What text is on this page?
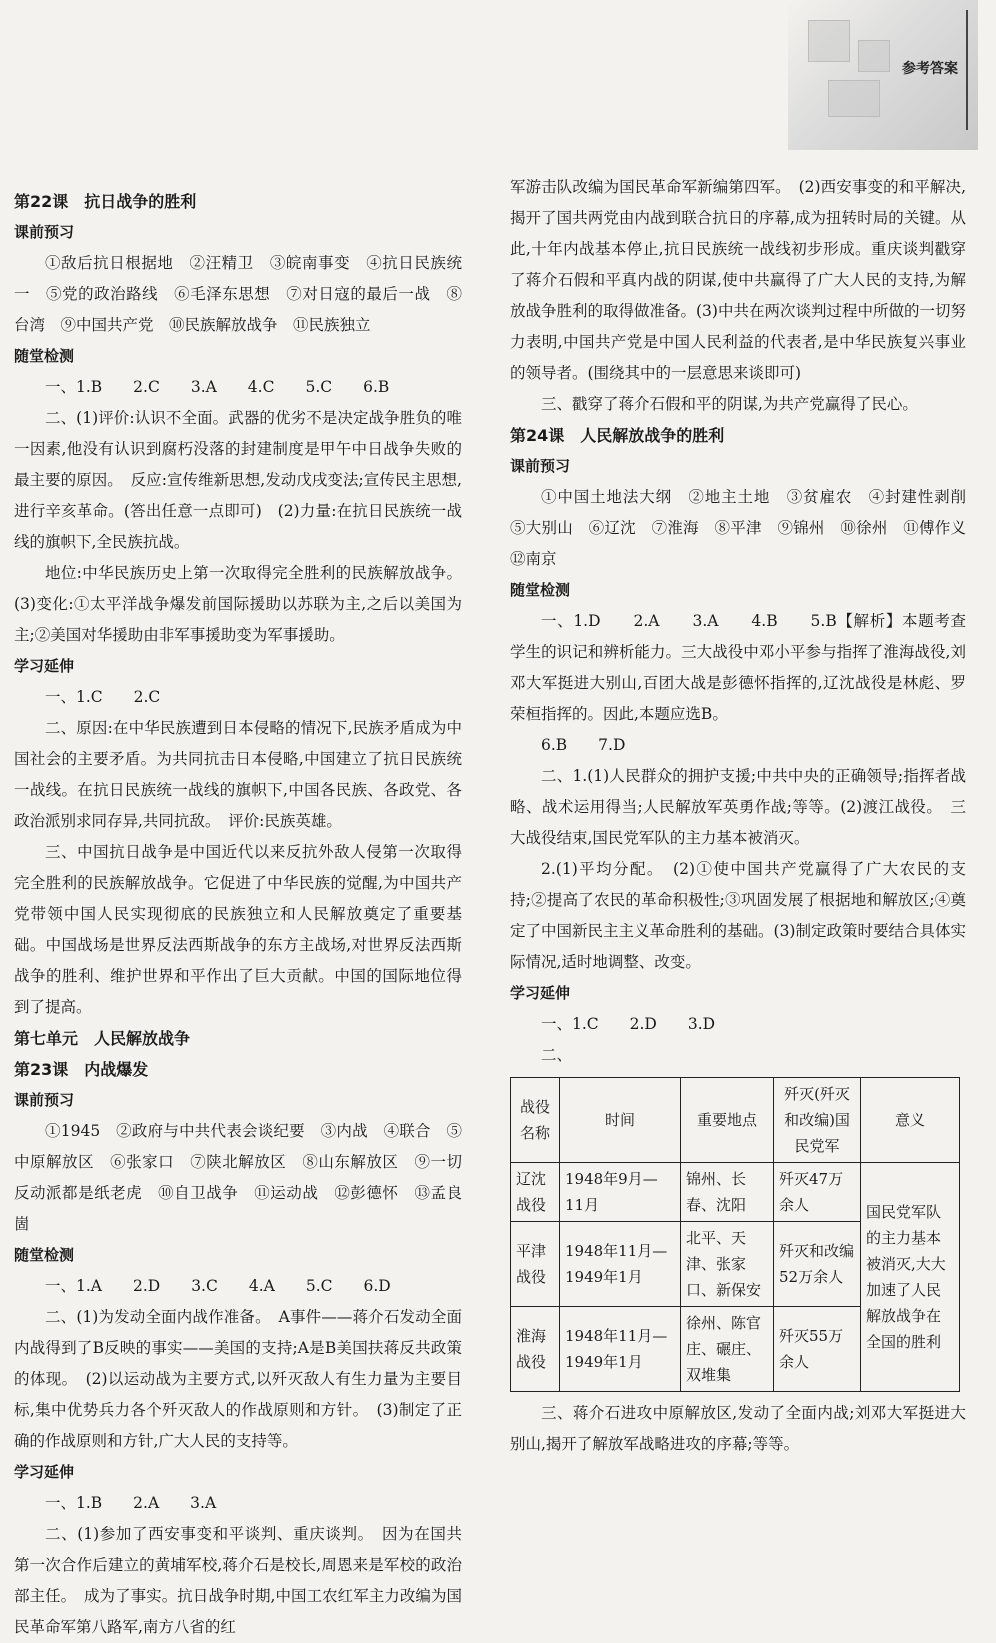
参考答案

第22课　抗日战争的胜利

课前预习

①敌后抗日根据地　②汪精卫　③皖南事变　④抗日民族统一　⑤党的政治路线　⑥毛泽东思想　⑦对日寇的最后一战　⑧台湾　⑨中国共产党　⑩民族解放战争　⑪民族独立

随堂检测

一、1.B　　2.C　　3.A　　4.C　　5.C　　6.B

二、(1)评价:认识不全面。武器的优劣不是决定战争胜负的唯一因素,他没有认识到腐朽没落的封建制度是甲午中日战争失败的最主要的原因。　反应:宣传维新思想,发动戊戌变法;宣传民主思想,进行辛亥革命。(答出任意一点即可)　(2)力量:在抗日民族统一战线的旗帜下,全民族抗战。

地位:中华民族历史上第一次取得完全胜利的民族解放战争。(3)变化:①太平洋战争爆发前国际援助以苏联为主,之后以美国为主;②美国对华援助由非军事援助变为军事援助。

学习延伸

一、1.C　　2.C

二、原因:在中华民族遭到日本侵略的情况下,民族矛盾成为中国社会的主要矛盾。为共同抗击日本侵略,中国建立了抗日民族统一战线。在抗日民族统一战线的旗帜下,中国各民族、各政党、各政治派别求同存异,共同抗敌。　评价:民族英雄。

三、中国抗日战争是中国近代以来反抗外敌人侵第一次取得完全胜利的民族解放战争。它促进了中华民族的觉醒,为中国共产党带领中国人民实现彻底的民族独立和人民解放奠定了重要基础。中国战场是世界反法西斯战争的东方主战场,对世界反法西斯战争的胜利、维护世界和平作出了巨大贡献。中国的国际地位得到了提高。

第七单元　人民解放战争

第23课　内战爆发

课前预习

①1945　②政府与中共代表会谈纪要　③内战　④联合　⑤中原解放区　⑥张家口　⑦陕北解放区　⑧山东解放区　⑨一切反动派都是纸老虎　⑩自卫战争　⑪运动战　⑫彭德怀　⑬孟良崮

随堂检测

一、1.A　　2.D　　3.C　　4.A　　5.C　　6.D

二、(1)为发动全面内战作准备。　A事件——蒋介石发动全面内战得到了B反映的事实——美国的支持;A是B美国扶蒋反共政策的体现。　(2)以运动战为主要方式,以歼灭敌人有生力量为主要目标,集中优势兵力各个歼灭敌人的作战原则和方针。　(3)制定了正确的作战原则和方针,广大人民的支持等。

学习延伸

一、1.B　　2.A　　3.A

二、(1)参加了西安事变和平谈判、重庆谈判。　因为在国共第一次合作后建立的黄埔军校,蒋介石是校长,周恩来是军校的政治部主任。　成为了事实。抗日战争时期,中国工农红军主力改编为国民革命军第八路军,南方八省的红

军游击队改编为国民革命军新编第四军。　(2)西安事变的和平解决,揭开了国共两党由内战到联合抗日的序幕,成为扭转时局的关键。从此,十年内战基本停止,抗日民族统一战线初步形成。重庆谈判戳穿了蒋介石假和平真内战的阴谋,使中共赢得了广大人民的支持,为解放战争胜利的取得做准备。(3)中共在两次谈判过程中所做的一切努力表明,中国共产党是中国人民利益的代表者,是中华民族复兴事业的领导者。(围绕其中的一层意思来谈即可)

三、戳穿了蒋介石假和平的阴谋,为共产党赢得了民心。

第24课　人民解放战争的胜利

课前预习

①中国土地法大纲　②地主土地　③贫雇农　④封建性剥削　⑤大别山　⑥辽沈　⑦淮海　⑧平津　⑨锦州　⑩徐州　⑪傅作义　⑫南京

随堂检测

一、1.D　　2.A　　3.A　　4.B　　5.B【解析】本题考查学生的识记和辨析能力。三大战役中邓小平参与指挥了淮海战役,刘邓大军挺进大别山,百团大战是彭德怀指挥的,辽沈战役是林彪、罗荣桓指挥的。因此,本题应选B。

6.B　　7.D

二、1.(1)人民群众的拥护支援;中共中央的正确领导;指挥者战略、战术运用得当;人民解放军英勇作战;等等。(2)渡江战役。　三大战役结束,国民党军队的主力基本被消灭。

2.(1)平均分配。　(2)①使中国共产党赢得了广大农民的支持;②提高了农民的革命积极性;③巩固发展了根据地和解放区;④奠定了中国新民主主义革命胜利的基础。(3)制定政策时要结合具体实际情况,适时地调整、改变。

学习延伸

一、1.C　　2.D　　3.D

二、

战役名称	时间	重要地点	歼灭(歼灭和改编)国民党军	意义
辽沈战役	1948年9月—11月	锦州、长春、沈阳	歼灭47万余人	国民党军队的主力基本被消灭,大大加速了人民解放战争在全国的胜利
平津战役	1948年11月—1949年1月	北平、天津、张家口、新保安	歼灭和改编52万余人	
淮海战役	1948年11月—1949年1月	徐州、陈官庄、碾庄、双堆集	歼灭55万余人	

三、蒋介石进攻中原解放区,发动了全面内战;刘邓大军挺进大别山,揭开了解放军战略进攻的序幕;等等。
